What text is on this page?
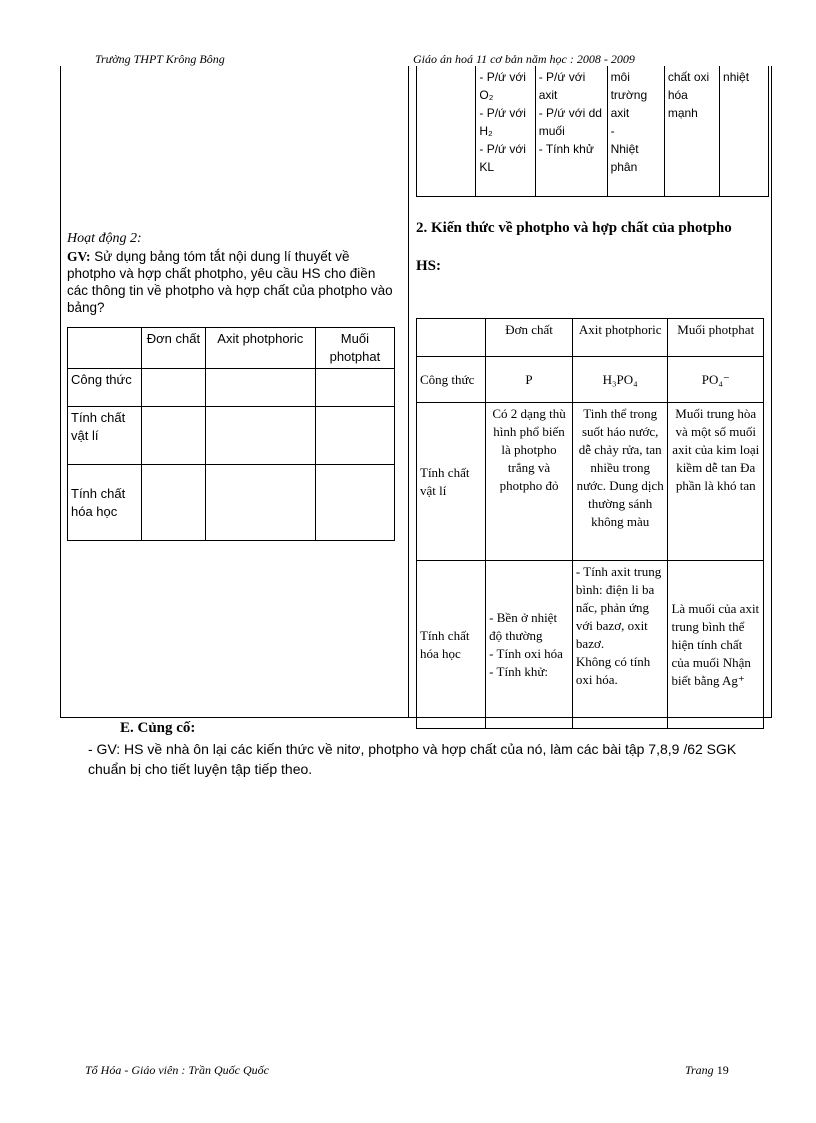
Trường THPT Krông Bông	Giáo án hoá 11 cơ bản năm học : 2008 - 2009
	- P/ứ với O₂
- P/ứ với H₂
- P/ứ với KL	- P/ứ với axit
- P/ứ với dd muối
- Tính khử	môi trường axit
-
Nhiệt phân	chất oxi hóa mạnh	nhiệt
Hoạt động 2:
GV: Sử dụng bảng tóm tắt nội dung lí thuyết về photpho và hợp chất photpho, yêu cầu HS cho điền các thông tin về photpho và hợp chất của photpho vào bảng?
	Đơn chất	Axit photphoric	Muối photphat
Công thức			
Tính chất vật lí			
Tính chất hóa học			
2. Kiến thức về photpho và hợp chất của photpho
HS:
	Đơn chất	Axit photphoric	Muối photphat
Công thức	P	H₃PO₄	PO₄⁻
Tính chất vật lí	Có 2 dạng thù hình phổ biến là photpho trắng và photpho đỏ	Tinh thể trong suốt háo nước, dễ chảy rửa, tan nhiều trong nước. Dung dịch thường sánh không màu	Muối trung hòa và một số muối axit của kim loại kiềm dễ tan Đa phần là khó tan
Tính chất hóa học	- Bền ở nhiệt độ thường
- Tính oxi hóa
- Tính khử:	- Tính axit trung bình: điện li ba nấc, phản ứng với bazơ, oxit bazơ.
Không có tính oxi hóa.	Là muối của axit trung bình thể hiện tính chất của muối Nhận biết bằng Ag⁺
E. Củng cố:
- GV: HS về nhà ôn lại các kiến thức về nitơ, photpho và hợp chất của nó, làm các bài tập 7,8,9 /62 SGK chuẩn bị cho tiết luyện tập tiếp theo.
Tổ Hóa - Giáo viên : Trần Quốc Quốc	Trang 19
